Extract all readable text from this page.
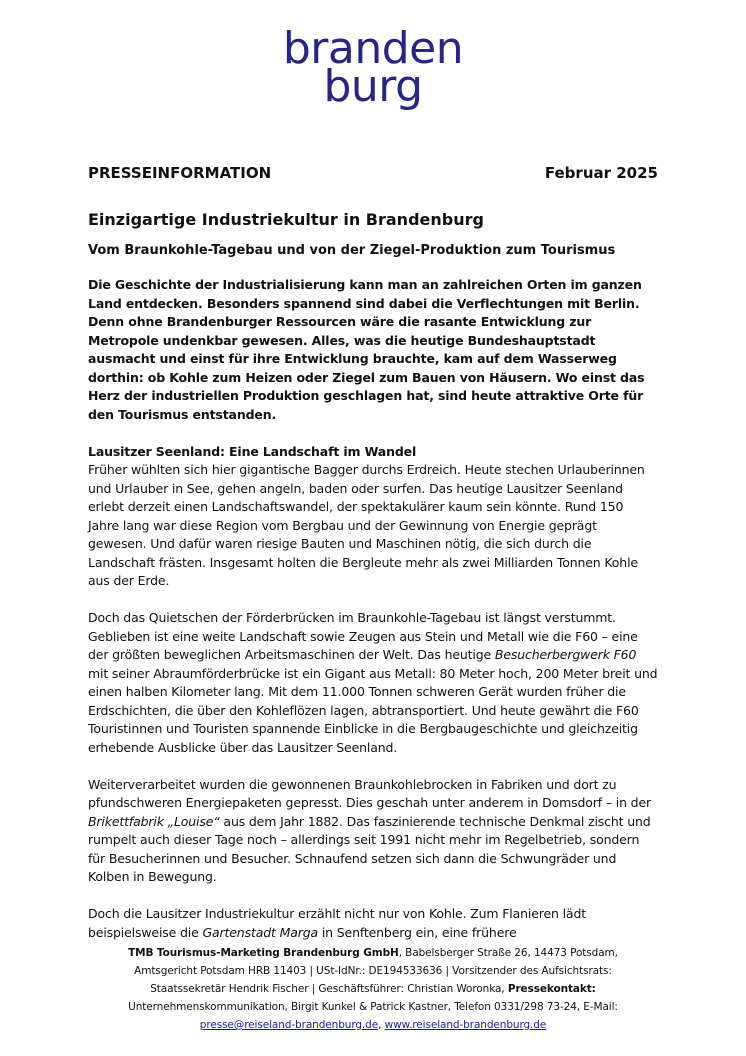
branden
burg
PRESSEINFORMATION	Februar 2025
Einzigartige Industriekultur in Brandenburg
Vom Braunkohle-Tagebau und von der Ziegel-Produktion zum Tourismus

Die Geschichte der Industrialisierung kann man an zahlreichen Orten im ganzen Land entdecken. Besonders spannend sind dabei die Verflechtungen mit Berlin. Denn ohne Brandenburger Ressourcen wäre die rasante Entwicklung zur Metropole undenkbar gewesen. Alles, was die heutige Bundeshauptstadt ausmacht und einst für ihre Entwicklung brauchte, kam auf dem Wasserweg dorthin: ob Kohle zum Heizen oder Ziegel zum Bauen von Häusern. Wo einst das Herz der industriellen Produktion geschlagen hat, sind heute attraktive Orte für den Tourismus entstanden.

Lausitzer Seenland: Eine Landschaft im Wandel
Früher wühlten sich hier gigantische Bagger durchs Erdreich. Heute stechen Urlauberinnen und Urlauber in See, gehen angeln, baden oder surfen. Das heutige Lausitzer Seenland erlebt derzeit einen Landschaftswandel, der spektakulärer kaum sein könnte. Rund 150 Jahre lang war diese Region vom Bergbau und der Gewinnung von Energie geprägt gewesen. Und dafür waren riesige Bauten und Maschinen nötig, die sich durch die Landschaft frästen. Insgesamt holten die Bergleute mehr als zwei Milliarden Tonnen Kohle aus der Erde.

Doch das Quietschen der Förderbrücken im Braunkohle-Tagebau ist längst verstummt. Geblieben ist eine weite Landschaft sowie Zeugen aus Stein und Metall wie die F60 – eine der größten beweglichen Arbeitsmaschinen der Welt. Das heutige Besucherbergwerk F60 mit seiner Abraumförderbrücke ist ein Gigant aus Metall: 80 Meter hoch, 200 Meter breit und einen halben Kilometer lang. Mit dem 11.000 Tonnen schweren Gerät wurden früher die Erdschichten, die über den Kohleflözen lagen, abtransportiert. Und heute gewährt die F60 Touristinnen und Touristen spannende Einblicke in die Bergbaugeschichte und gleichzeitig erhebende Ausblicke über das Lausitzer Seenland.

Weiterverarbeitet wurden die gewonnenen Braunkohlebrocken in Fabriken und dort zu pfundschweren Energiepaketen gepresst. Dies geschah unter anderem in Domsdorf – in der Brikettfabrik „Louise“ aus dem Jahr 1882. Das faszinierende technische Denkmal zischt und rumpelt auch dieser Tage noch – allerdings seit 1991 nicht mehr im Regelbetrieb, sondern für Besucherinnen und Besucher. Schnaufend setzen sich dann die Schwungräder und Kolben in Bewegung.

Doch die Lausitzer Industriekultur erzählt nicht nur von Kohle. Zum Flanieren lädt beispielsweise die Gartenstadt Marga in Senftenberg ein, eine frühere

TMB Tourismus-Marketing Brandenburg GmbH, Babelsberger Straße 26, 14473 Potsdam,
Amtsgericht Potsdam HRB 11403 | USt-IdNr.: DE194533636 | Vorsitzender des Aufsichtsrats:
Staatssekretär Hendrik Fischer | Geschäftsführer: Christian Woronka, Pressekontakt:
Unternehmenskommunikation, Birgit Kunkel & Patrick Kastner, Telefon 0331/298 73-24, E-Mail:
presse@reiseland-brandenburg.de, www.reiseland-brandenburg.de
